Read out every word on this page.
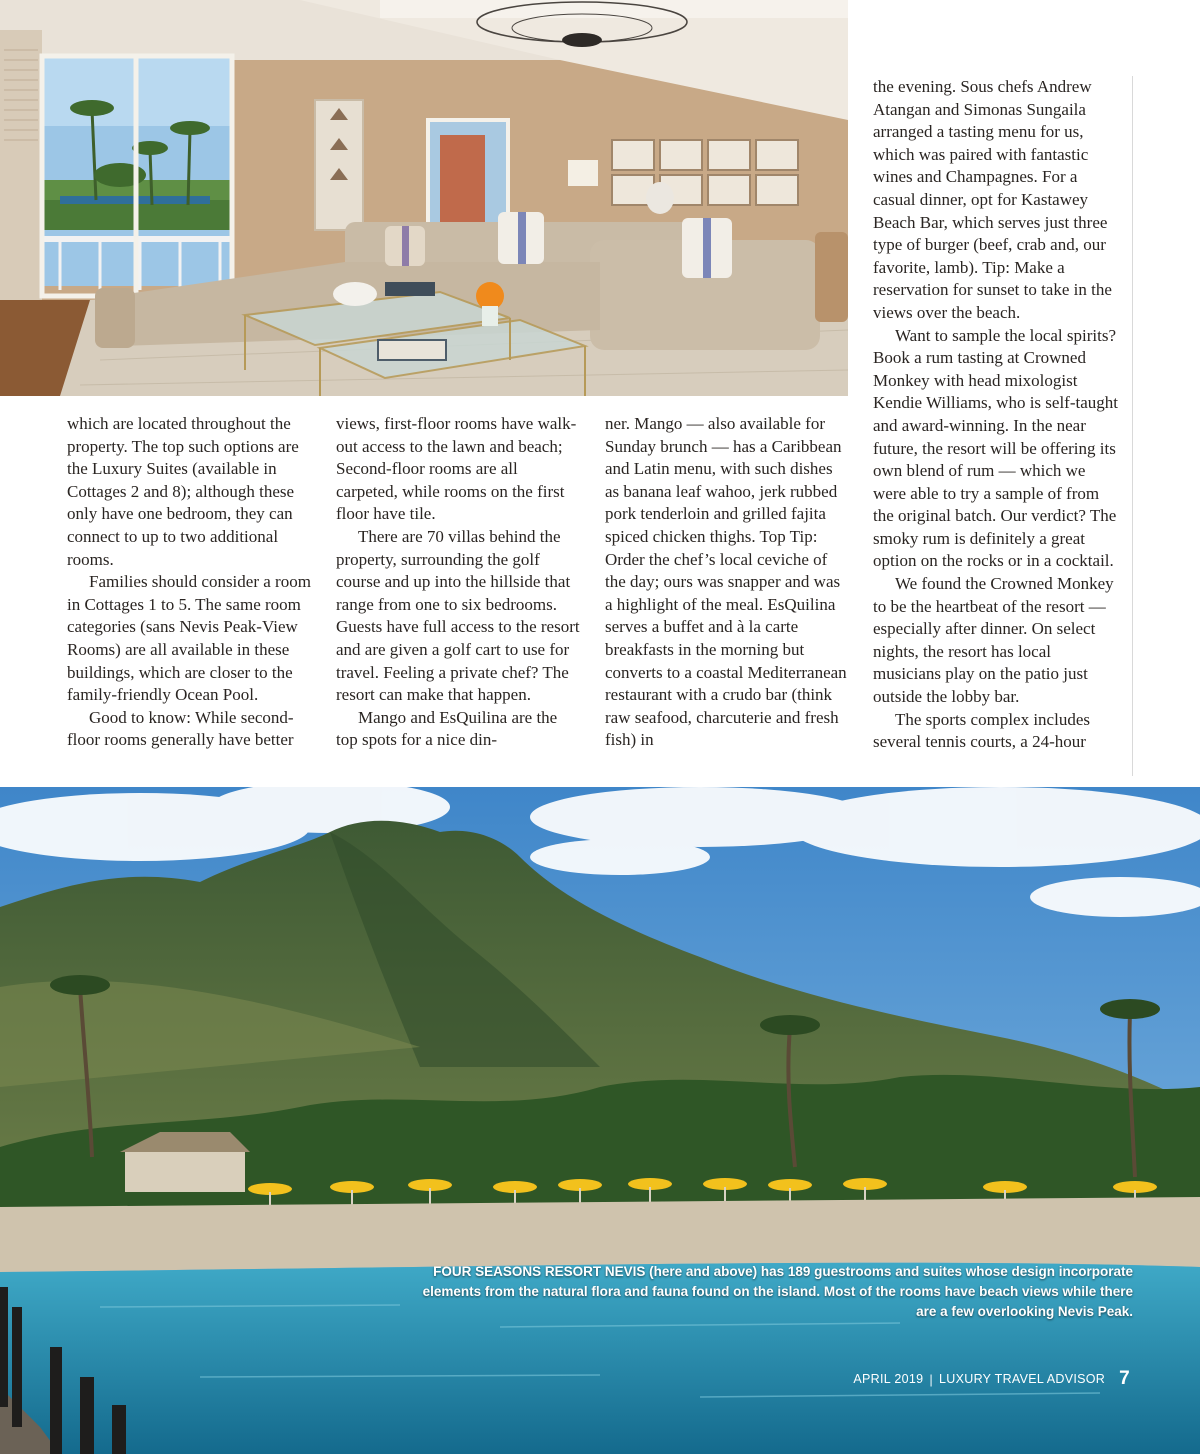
which are located throughout the property. The top such options are the Luxury Suites (available in Cottages 2 and 8); although these only have one bedroom, they can connect to up to two additional rooms.

Families should consider a room in Cottages 1 to 5. The same room categories (sans Nevis Peak-View Rooms) are all available in these buildings, which are closer to the family-friendly Ocean Pool.

Good to know: While second-floor rooms generally have better

views, first-floor rooms have walk-out access to the lawn and beach; Second-floor rooms are all carpeted, while rooms on the first floor have tile.

There are 70 villas behind the property, surrounding the golf course and up into the hillside that range from one to six bedrooms. Guests have full access to the resort and are given a golf cart to use for travel. Feeling a private chef? The resort can make that happen.

Mango and EsQuilina are the top spots for a nice din-

ner. Mango — also available for Sunday brunch — has a Caribbean and Latin menu, with such dishes as banana leaf wahoo, jerk rubbed pork tenderloin and grilled fajita spiced chicken thighs. Top Tip: Order the chef’s local ceviche of the day; ours was snapper and was a highlight of the meal. EsQuilina serves a buffet and à la carte breakfasts in the morning but converts to a coastal Mediterranean restaurant with a crudo bar (think raw seafood, charcuterie and fresh fish) in

the evening. Sous chefs Andrew Atangan and Simonas Sungaila arranged a tasting menu for us, which was paired with fantastic wines and Champagnes. For a casual dinner, opt for Kastawey Beach Bar, which serves just three type of burger (beef, crab and, our favorite, lamb). Tip: Make a reservation for sunset to take in the views over the beach.

Want to sample the local spirits? Book a rum tasting at Crowned Monkey with head mixologist Kendie Williams, who is self-taught and award-winning. In the near future, the resort will be offering its own blend of rum — which we were able to try a sample of from the original batch. Our verdict? The smoky rum is definitely a great option on the rocks or in a cocktail.

We found the Crowned Monkey to be the heartbeat of the resort — especially after dinner. On select nights, the resort has local musicians play on the patio just outside the lobby bar.

The sports complex includes several tennis courts, a 24-hour

FOUR SEASONS RESORT NEVIS (here and above) has 189 guestrooms and suites whose design incorporate elements from the natural flora and fauna found on the island. Most of the rooms have beach views while there are a few overlooking Nevis Peak.
APRIL 2019 | LUXURY TRAVEL ADVISOR 7
